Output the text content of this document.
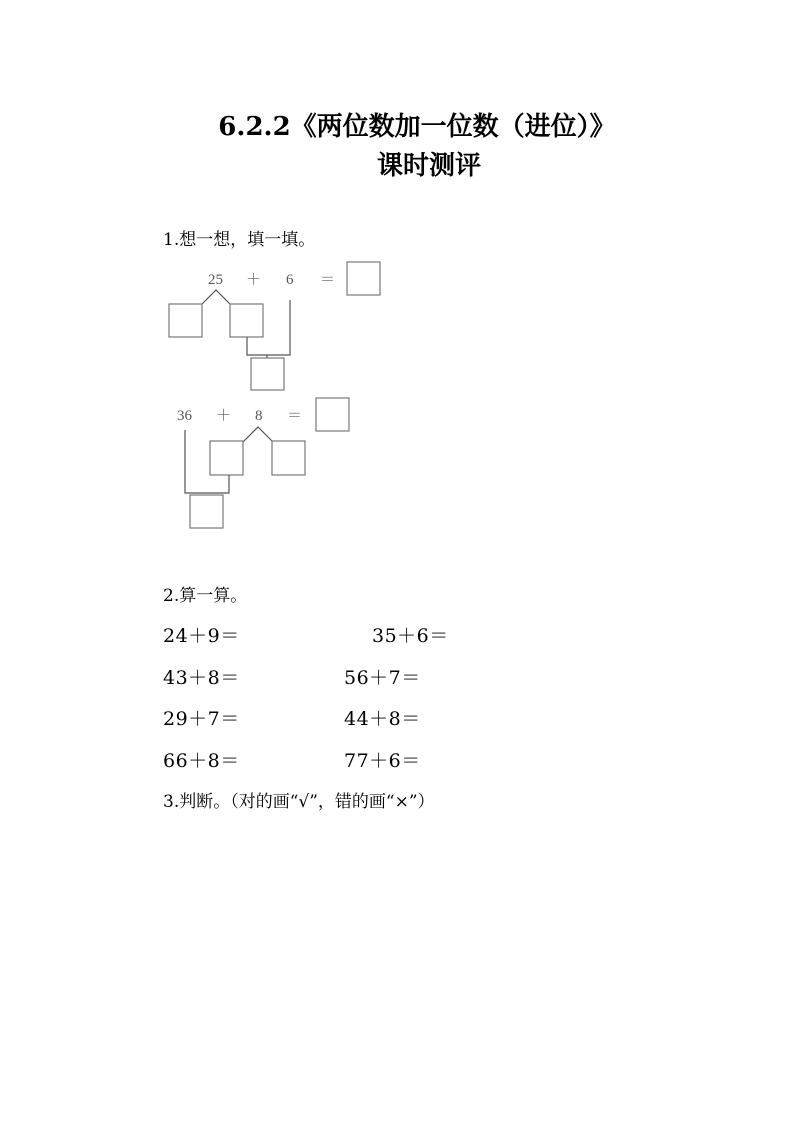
6.2.2《两位数加一位数（进位）》
课时测评
1.想一想，填一填。
25 ＋ 6 ＝
36 ＋ 8 ＝
2.算一算。
24＋9＝	35＋6＝
43＋8＝	56＋7＝
29＋7＝	44＋8＝
66＋8＝	77＋6＝
3.判断。（对的画“√”，错的画“×”）
